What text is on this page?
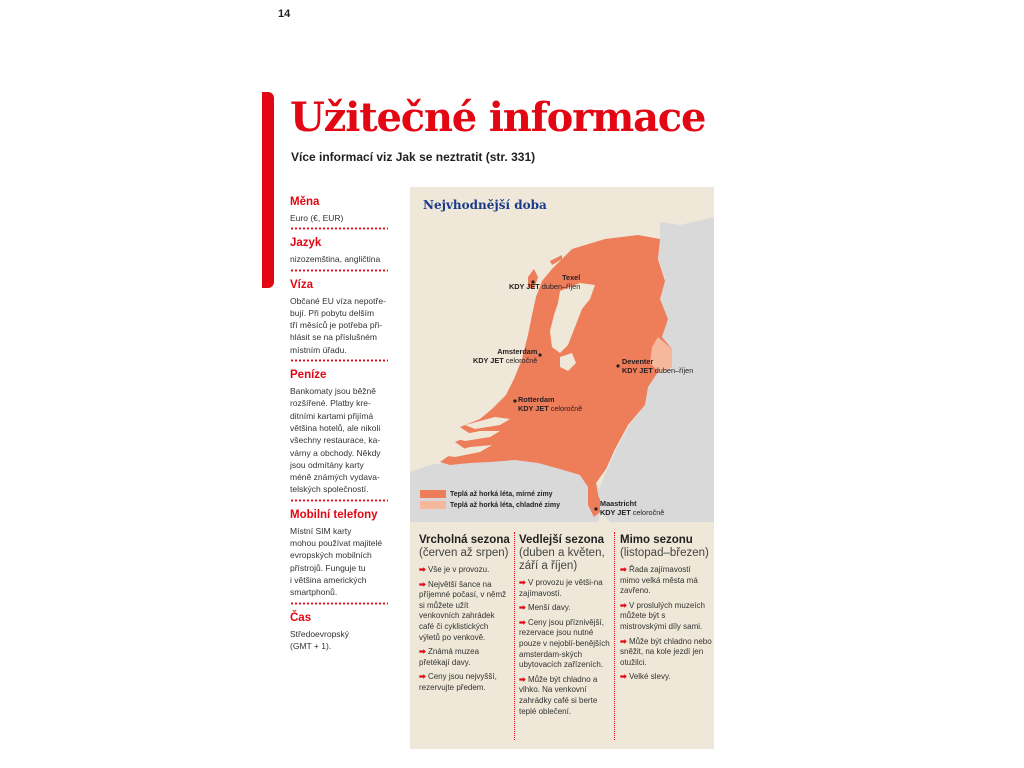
14
Užitečné informace
Více informací viz Jak se neztratit (str. 331)
Měna
Euro (€, EUR)
Jazyk
nizozemština, angličtina
Víza
Občané EU víza nepotře-
bují. Při pobytu delším
tří měsíců je potřeba při-
hlásit se na příslušném
místním úřadu.
Peníze
Bankomaty jsou běžně
rozšířené. Platby kre-
ditními kartami přijímá
většina hotelů, ale nikoli
všechny restaurace, ka-
várny a obchody. Někdy
jsou odmítány karty
méně známých vydava-
telských společností.
Mobilní telefony
Místní SIM karty
mohou používat majitelé
evropských mobilních
přístrojů. Funguje tu
i většina amerických
smartphonů.
Čas
Středoevropský
(GMT + 1).
Nejvhodnější doba
Texel
KDY JET duben–říjen
Amsterdam
KDY JET celoročně	Deventer
KDY JET duben–říjen
Rotterdam
KDY JET celoročně
Maastricht
KDY JET celoročně
Teplá až horká léta, mírné zimy
Teplá až horká léta, chladné zimy
Vrcholná sezona (červen až srpen)
➡ Vše je v provozu.
➡ Největší šance na příjemné počasí, v němž si můžete užít venkovních zahrádek café či cyklistických výletů po venkově.
➡ Známá muzea přetékají davy.
➡ Ceny jsou nejvyšší, rezervujte předem.
Vedlejší sezona (duben a květen, září a říjen)
➡ V provozu je větši-na zajímavostí.
➡ Menší davy.
➡ Ceny jsou příznivější, rezervace jsou nutné pouze v nejoblí-benějších amsterdam-ských ubytovacích zařízeních.
➡ Může být chladno a vlhko. Na venkovní zahrádky café si berte teplé oblečení.
Mimo sezonu (listopad–březen)
➡ Řada zajímavostí mimo velká města má zavřeno.
➡ V proslulých muzeích můžete být s mistrovskými díly sami.
➡ Může být chladno nebo sněžit, na kole jezdí jen otužilci.
➡ Velké slevy.
